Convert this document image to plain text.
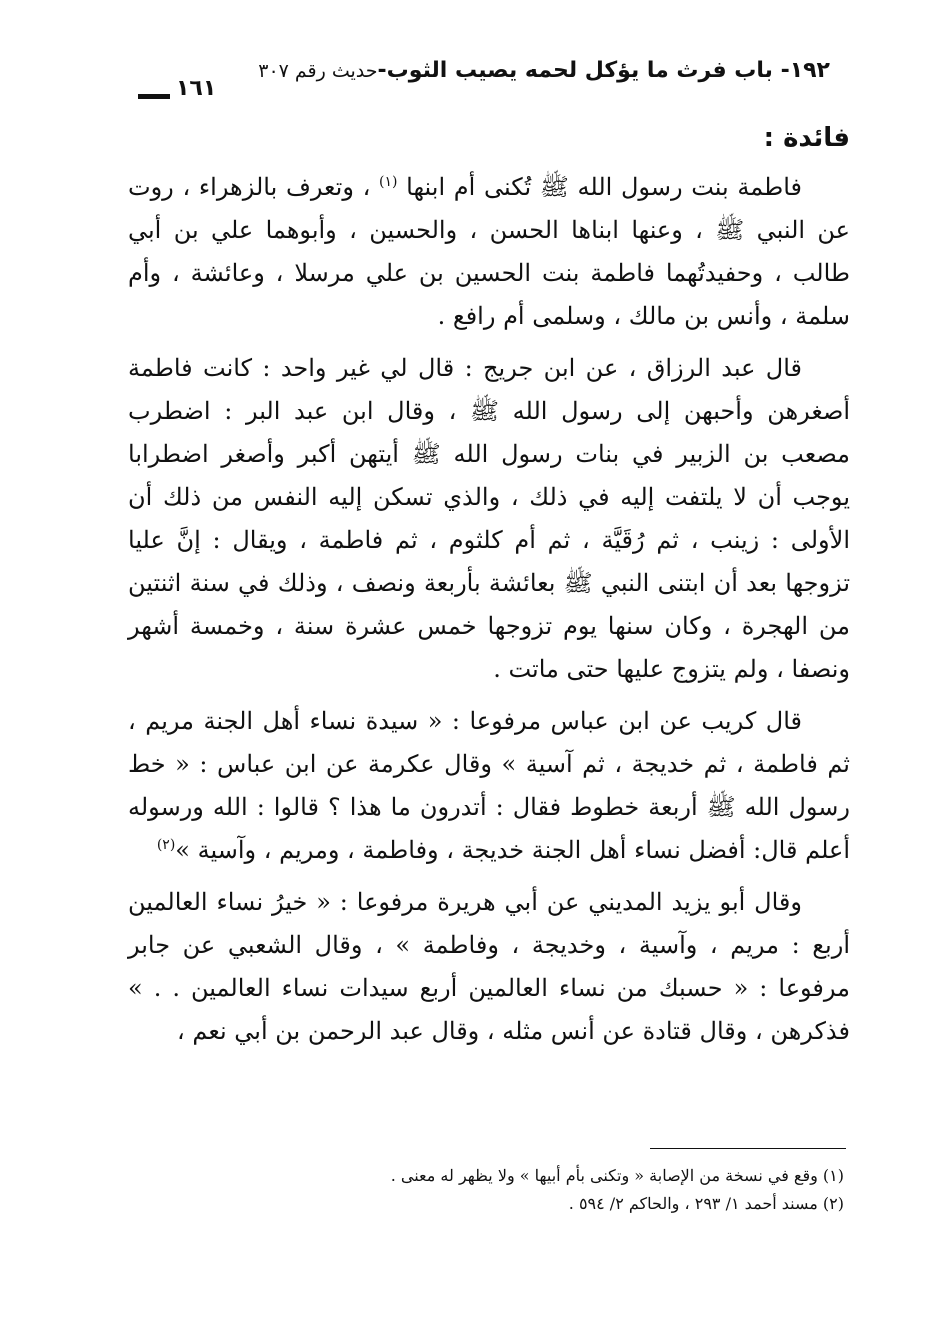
١٩٢- باب فرث ما يؤكل لحمه يصيب الثوب-حديث رقم ٣٠٧
١٦١
فائدة :

فاطمة بنت رسول الله ﷺ تُكنى أم ابنها $^{(١)}$ ، وتعرف بالزهراء ، روت عن النبي ﷺ ، وعنها ابناها الحسن ، والحسين ، وأبوهما علي بن أبي طالب ، وحفيدتُهما فاطمة بنت الحسين بن علي مرسلا ، وعائشة ، وأم سلمة ، وأنس بن مالك ، وسلمى أم رافع .

قال عبد الرزاق ، عن ابن جريج : قال لي غير واحد : كانت فاطمة أصغرهن وأحبهن إلى رسول الله ﷺ ، وقال ابن عبد البر : اضطرب مصعب بن الزبير في بنات رسول الله ﷺ أيتهن أكبر وأصغر اضطرابا يوجب أن لا يلتفت إليه في ذلك ، والذي تسكن إليه النفس من ذلك أن الأولى : زينب ، ثم رُقَيَّة ، ثم أم كلثوم ، ثم فاطمة ، ويقال : إنَّ عليا تزوجها بعد أن ابتنى النبي ﷺ بعائشة بأربعة ونصف ، وذلك في سنة اثنتين من الهجرة ، وكان سنها يوم تزوجها خمس عشرة سنة ، وخمسة أشهر ونصفا ، ولم يتزوج عليها حتى ماتت .

قال كريب عن ابن عباس مرفوعا : « سيدة نساء أهل الجنة مريم ، ثم فاطمة ، ثم خديجة ، ثم آسية » وقال عكرمة عن ابن عباس : « خط رسول الله ﷺ أربعة خطوط فقال : أتدرون ما هذا ؟ قالوا : الله ورسوله أعلم قال: أفضل نساء أهل الجنة خديجة ، وفاطمة ، ومريم ، وآسية »$^{(٢)}$

وقال أبو يزيد المديني عن أبي هريرة مرفوعا : « خيرُ نساء العالمين أربع : مريم ، وآسية ، وخديجة ، وفاطمة » ، وقال الشعبي عن جابر مرفوعا : « حسبك من نساء العالمين أربع سيدات نساء العالمين . . » فذكرهن ، وقال قتادة عن أنس مثله ، وقال عبد الرحمن بن أبي نعم ،

(١) وقع في نسخة من الإصابة « وتكنى بأم أبيها » ولا يظهر له معنى .

(٢) مسند أحمد ١/ ٢٩٣ ، والحاكم ٢/ ٥٩٤ .
